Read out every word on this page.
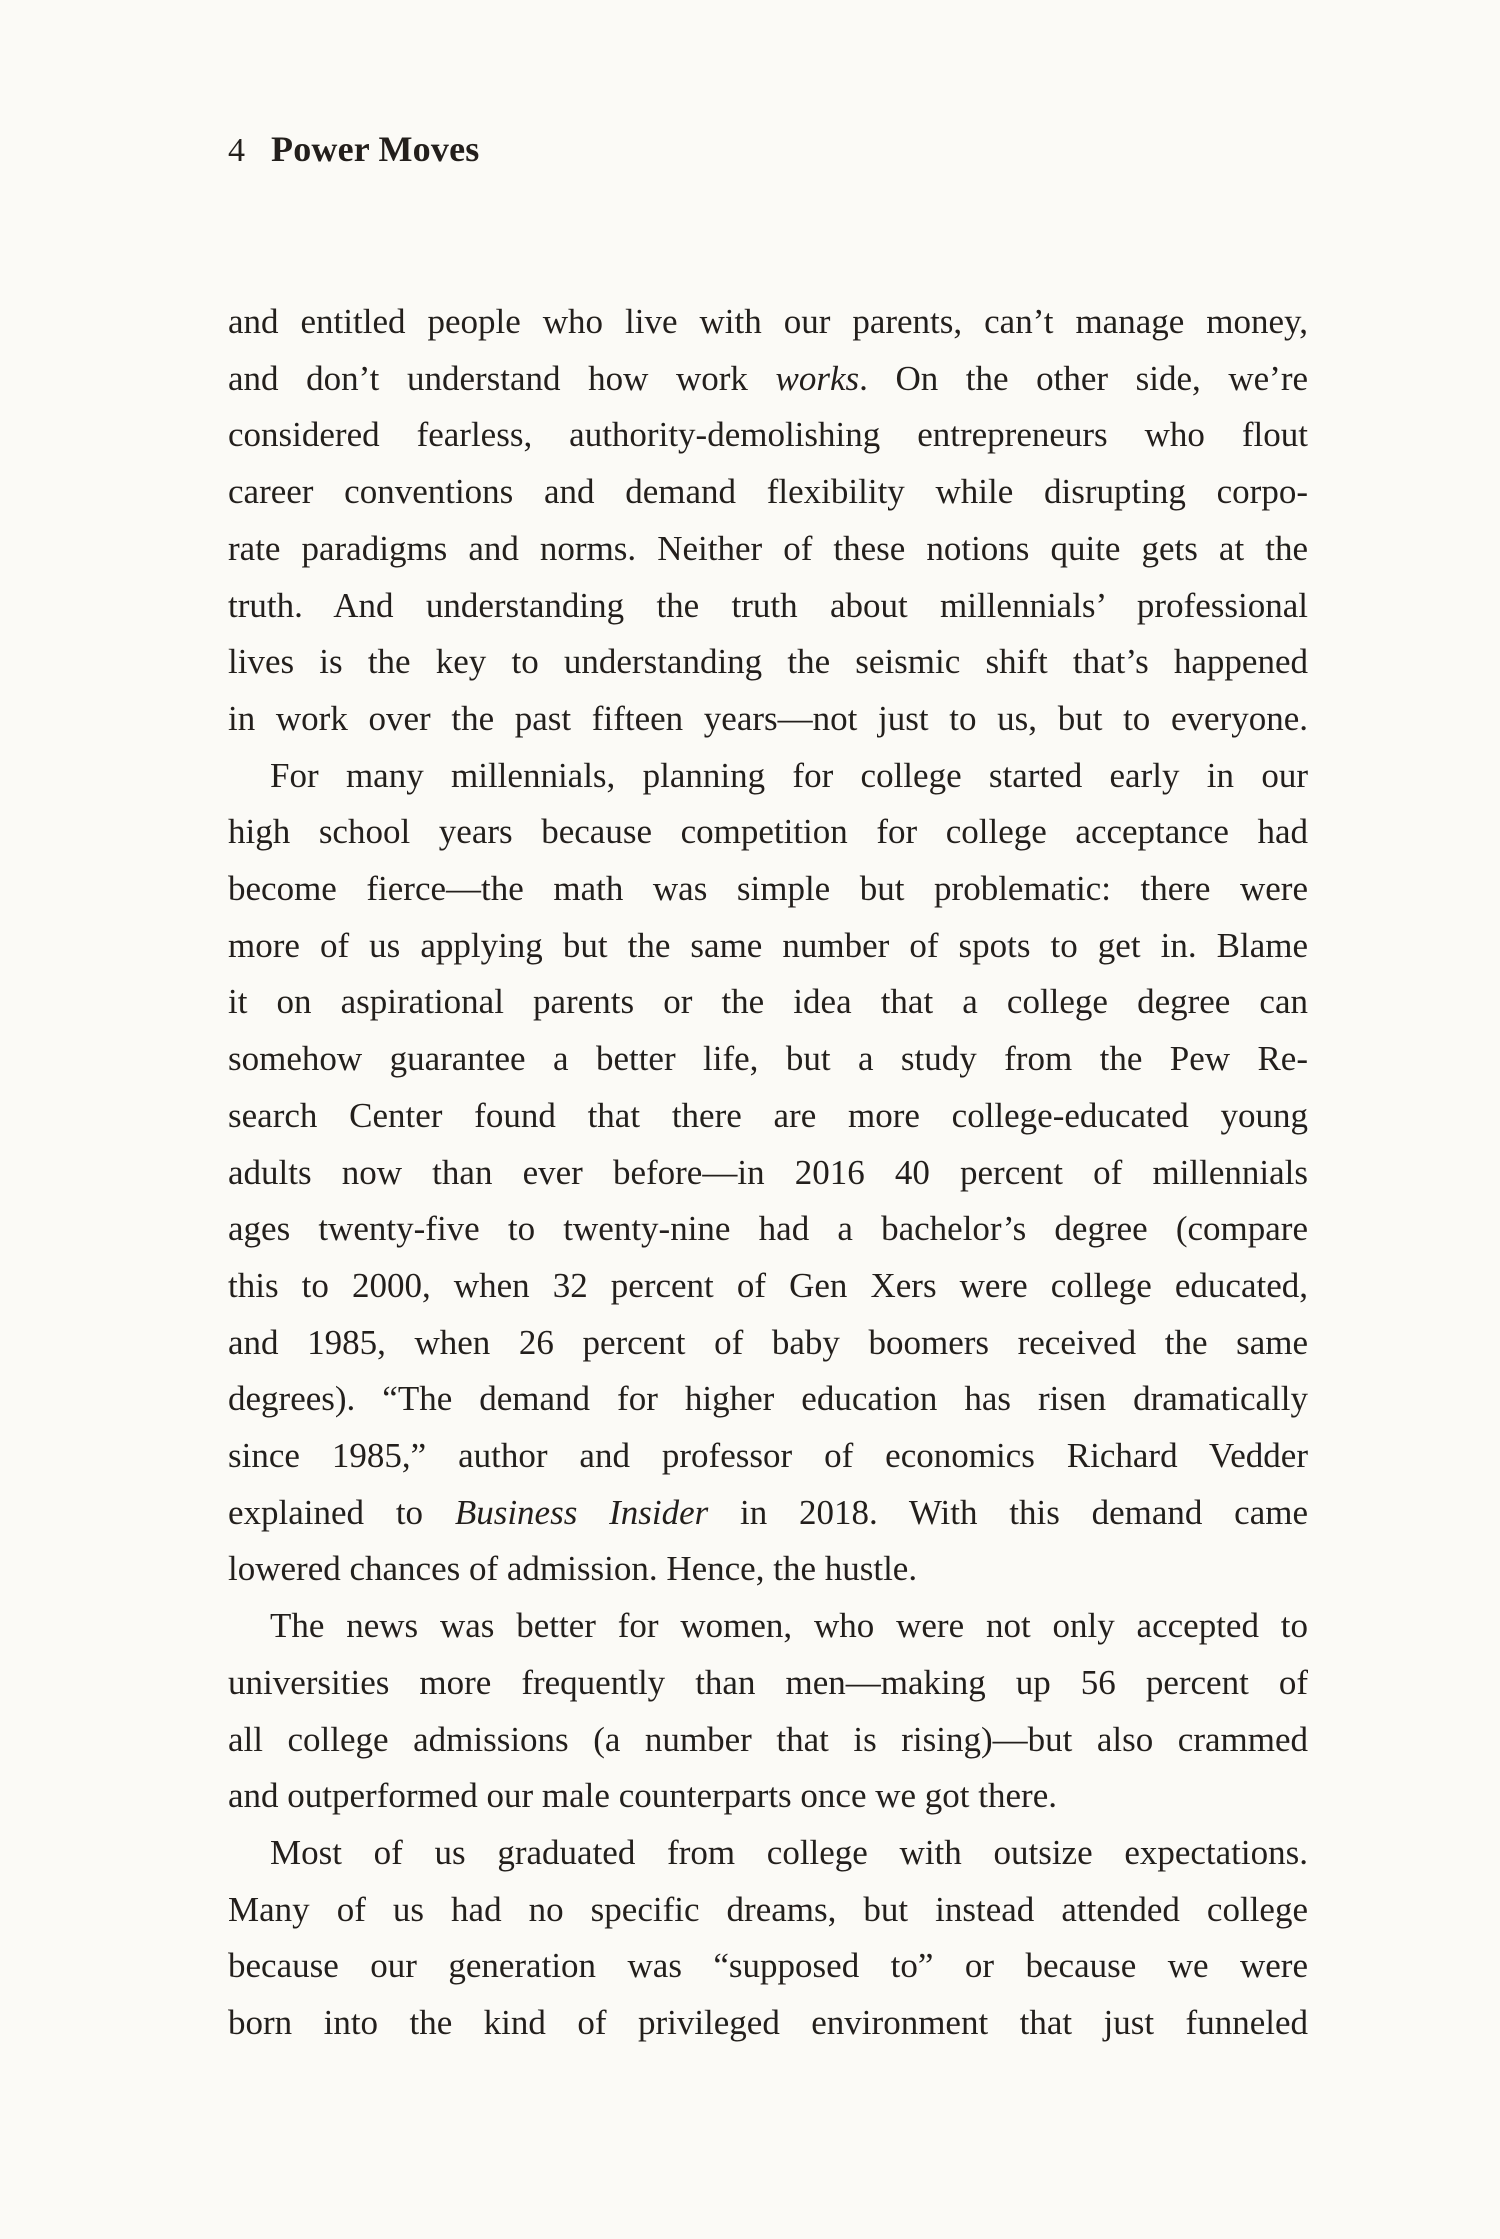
4 Power Moves
and entitled people who live with our parents, can’t manage money,
and don’t understand how work works. On the other side, we’re
considered fearless, authority-demolishing entrepreneurs who flout
career conventions and demand flexibility while disrupting corpo-
rate paradigms and norms. Neither of these notions quite gets at the
truth. And understanding the truth about millennials’ professional
lives is the key to understanding the seismic shift that’s happened
in work over the past fifteen years—not just to us, but to everyone.
For many millennials, planning for college started early in our
high school years because competition for college acceptance had
become fierce—the math was simple but problematic: there were
more of us applying but the same number of spots to get in. Blame
it on aspirational parents or the idea that a college degree can
somehow guarantee a better life, but a study from the Pew Re-
search Center found that there are more college-educated young
adults now than ever before—in 2016 40 percent of millennials
ages twenty-five to twenty-nine had a bachelor’s degree (compare
this to 2000, when 32 percent of Gen Xers were college educated,
and 1985, when 26 percent of baby boomers received the same
degrees). “The demand for higher education has risen dramatically
since 1985,” author and professor of economics Richard Vedder
explained to Business Insider in 2018. With this demand came
lowered chances of admission. Hence, the hustle.
The news was better for women, who were not only accepted to
universities more frequently than men—making up 56 percent of
all college admissions (a number that is rising)—but also crammed
and outperformed our male counterparts once we got there.
Most of us graduated from college with outsize expectations.
Many of us had no specific dreams, but instead attended college
because our generation was “supposed to” or because we were
born into the kind of privileged environment that just funneled
